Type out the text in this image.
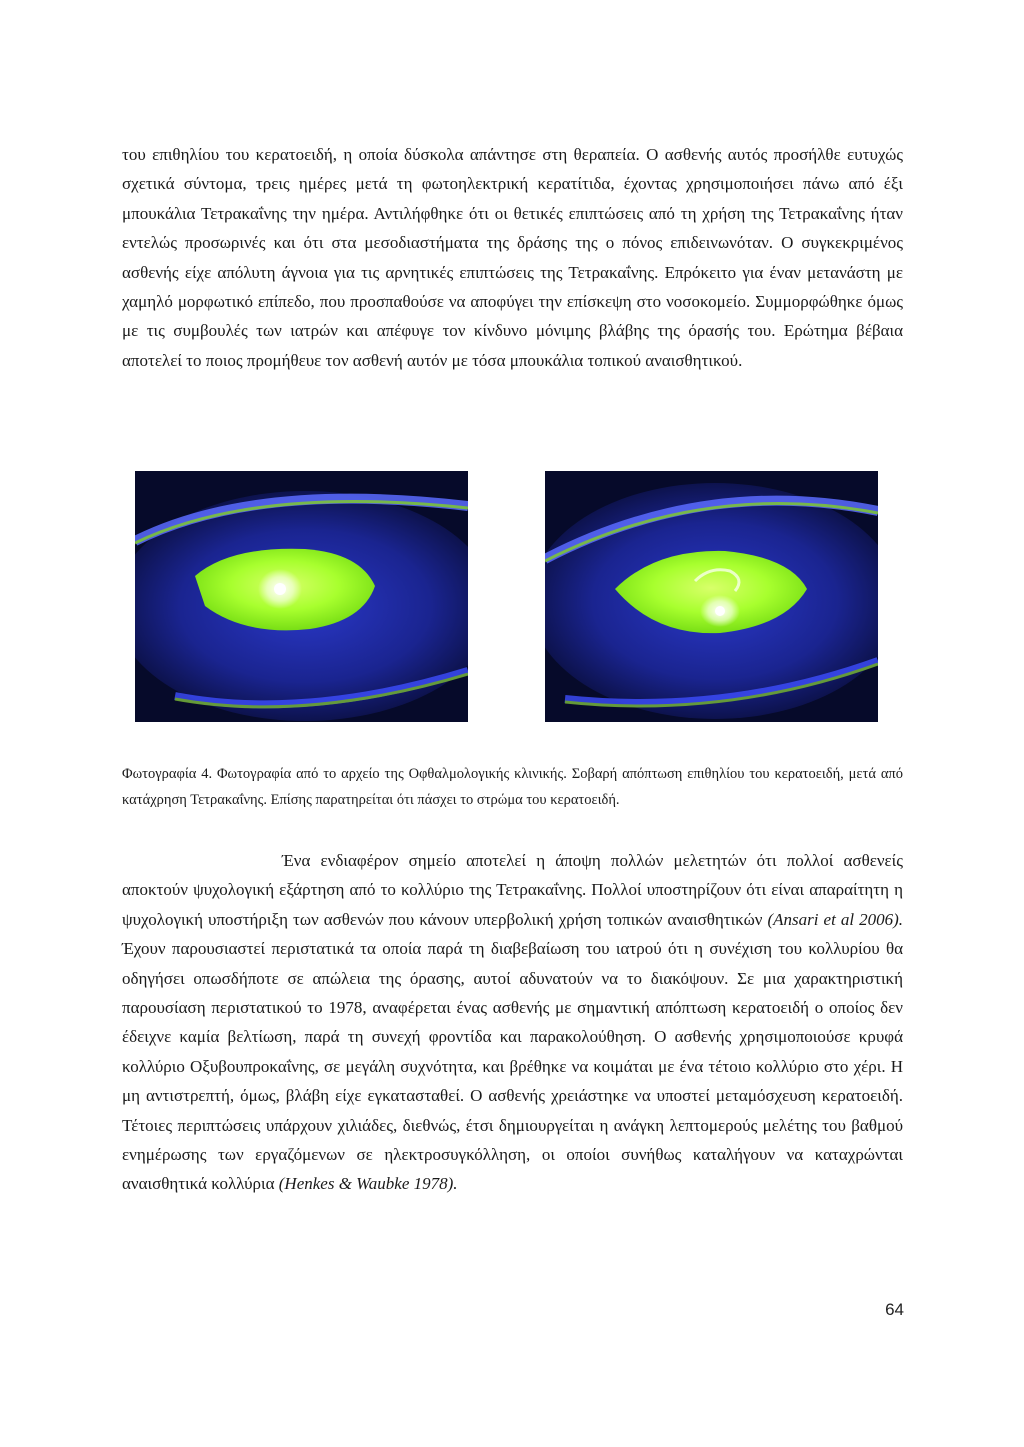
του επιθηλίου του κερατοειδή, η οποία δύσκολα απάντησε στη θεραπεία. Ο ασθενής αυτός προσήλθε ευτυχώς σχετικά σύντομα, τρεις ημέρες μετά τη φωτοηλεκτρική κερατίτιδα, έχοντας χρησιμοποιήσει πάνω από έξι μπουκάλια Τετρακαΐνης την ημέρα. Αντιλήφθηκε ότι οι θετικές επιπτώσεις από τη χρήση της Τετρακαΐνης ήταν εντελώς προσωρινές και ότι στα μεσοδιαστήματα της δράσης της ο πόνος επιδεινωνόταν. Ο συγκεκριμένος ασθενής είχε απόλυτη άγνοια για τις αρνητικές επιπτώσεις της Τετρακαΐνης. Επρόκειτο για έναν μετανάστη με χαμηλό μορφωτικό επίπεδο, που προσπαθούσε να αποφύγει την επίσκεψη στο νοσοκομείο. Συμμορφώθηκε όμως με τις συμβουλές των ιατρών και απέφυγε τον κίνδυνο μόνιμης βλάβης της όρασής του. Ερώτημα βέβαια αποτελεί το ποιος προμήθευε τον ασθενή αυτόν με τόσα μπουκάλια τοπικού αναισθητικού.

Φωτογραφία 4. Φωτογραφία από το αρχείο της Οφθαλμολογικής κλινικής. Σοβαρή απόπτωση επιθηλίου του κερατοειδή, μετά από κατάχρηση Τετρακαΐνης. Επίσης παρατηρείται ότι πάσχει το στρώμα του κερατοειδή.

Ένα ενδιαφέρον σημείο αποτελεί η άποψη πολλών μελετητών ότι πολλοί ασθενείς αποκτούν ψυχολογική εξάρτηση από το κολλύριο της Τετρακαΐνης. Πολλοί υποστηρίζουν ότι είναι απαραίτητη η ψυχολογική υποστήριξη των ασθενών που κάνουν υπερβολική χρήση τοπικών αναισθητικών (Ansari et al 2006). Έχουν παρουσιαστεί περιστατικά τα οποία παρά τη διαβεβαίωση του ιατρού ότι η συνέχιση του κολλυρίου θα οδηγήσει οπωσδήποτε σε απώλεια της όρασης, αυτοί αδυνατούν να το διακόψουν. Σε μια χαρακτηριστική παρουσίαση περιστατικού το 1978, αναφέρεται ένας ασθενής με σημαντική απόπτωση κερατοειδή ο οποίος δεν έδειχνε καμία βελτίωση, παρά τη συνεχή φροντίδα και παρακολούθηση. Ο ασθενής χρησιμοποιούσε κρυφά κολλύριο Οξυβουπροκαΐνης, σε μεγάλη συχνότητα, και βρέθηκε να κοιμάται με ένα τέτοιο κολλύριο στο χέρι. Η μη αντιστρεπτή, όμως, βλάβη είχε εγκατασταθεί. Ο ασθενής χρειάστηκε να υποστεί μεταμόσχευση κερατοειδή. Τέτοιες περιπτώσεις υπάρχουν χιλιάδες, διεθνώς, έτσι δημιουργείται η ανάγκη λεπτομερούς μελέτης του βαθμού ενημέρωσης των εργαζόμενων σε ηλεκτροσυγκόλληση, οι οποίοι συνήθως καταλήγουν να καταχρώνται αναισθητικά κολλύρια (Henkes & Waubke 1978).

64
